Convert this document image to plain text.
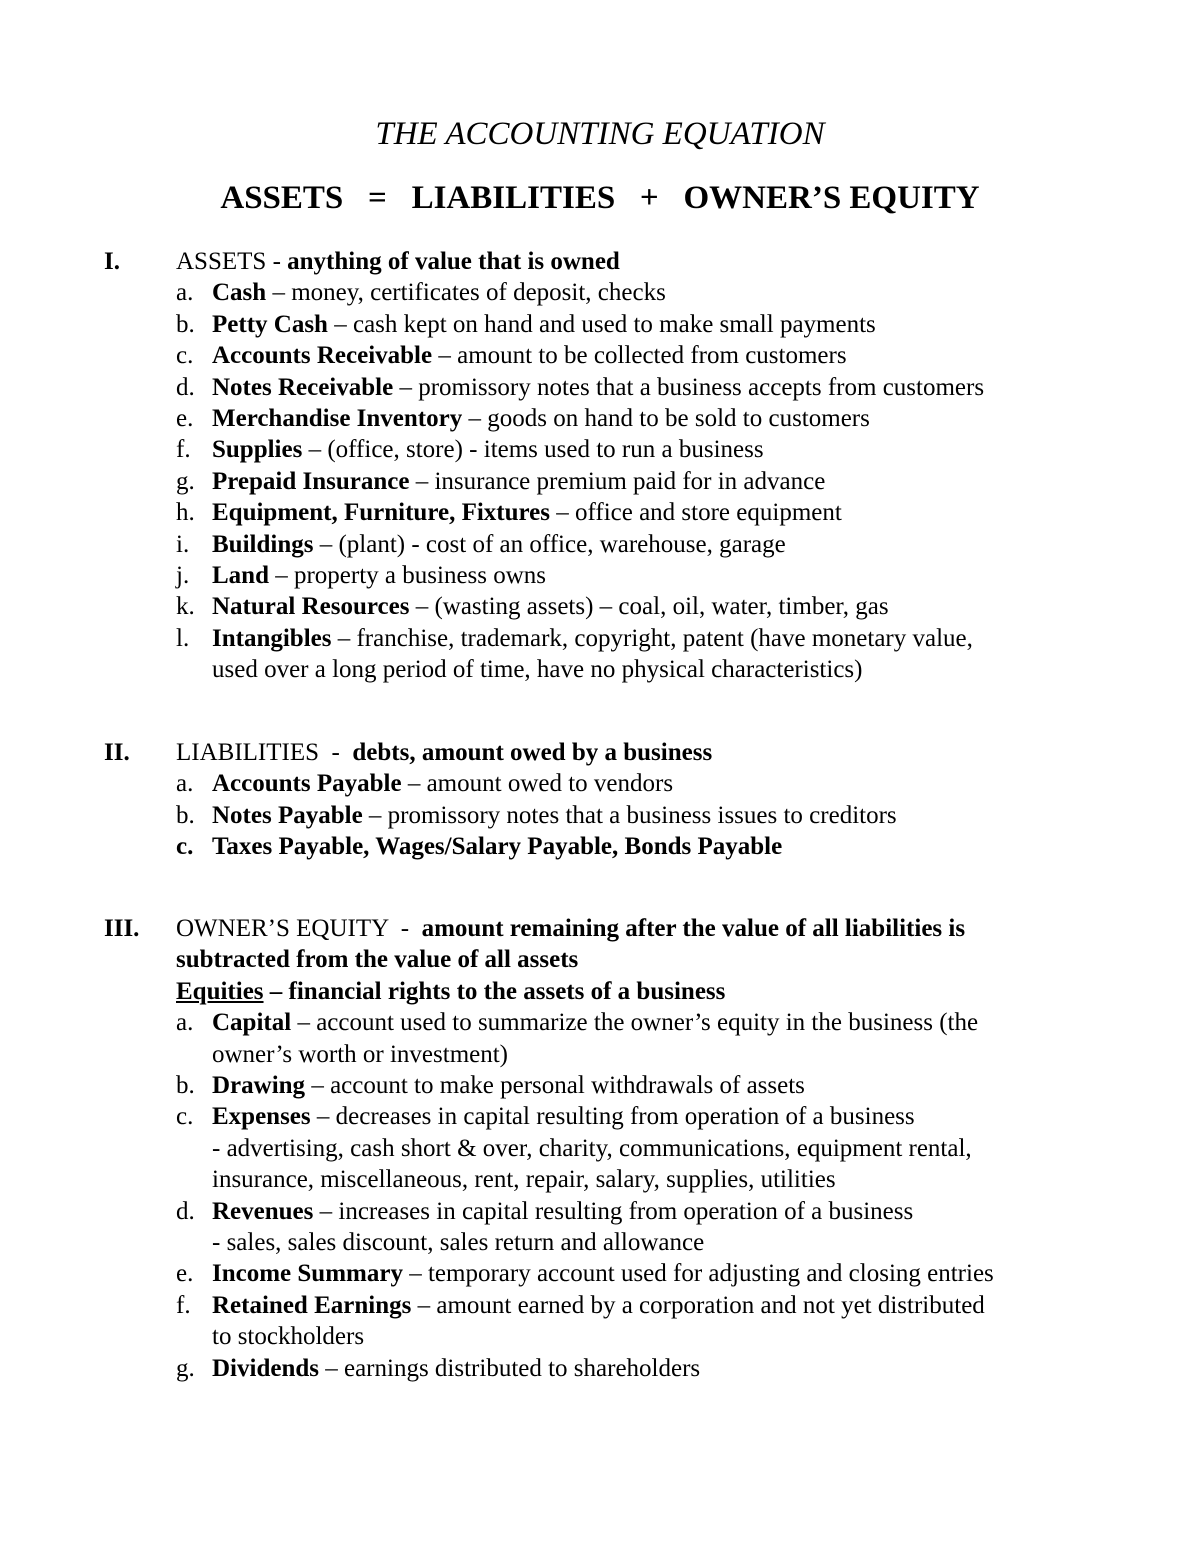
THE ACCOUNTING EQUATION
ASSETS   =   LIABILITIES   +   OWNER’S EQUITY
I. ASSETS - anything of value that is owned
a. Cash – money, certificates of deposit, checks
b. Petty Cash – cash kept on hand and used to make small payments
c. Accounts Receivable – amount to be collected from customers
d. Notes Receivable – promissory notes that a business accepts from customers
e. Merchandise Inventory – goods on hand to be sold to customers
f. Supplies – (office, store) - items used to run a business
g. Prepaid Insurance – insurance premium paid for in advance
h. Equipment, Furniture, Fixtures – office and store equipment
i. Buildings – (plant) - cost of an office, warehouse, garage
j. Land – property a business owns
k. Natural Resources – (wasting assets) – coal, oil, water, timber, gas
l. Intangibles – franchise, trademark, copyright, patent (have monetary value,
used over a long period of time, have no physical characteristics)
II. LIABILITIES  -  debts, amount owed by a business
a. Accounts Payable – amount owed to vendors
b. Notes Payable – promissory notes that a business issues to creditors
c. Taxes Payable, Wages/Salary Payable, Bonds Payable
III. OWNER’S EQUITY  -  amount remaining after the value of all liabilities is
subtracted from the value of all assets
Equities – financial rights to the assets of a business
a. Capital – account used to summarize the owner’s equity in the business (the
owner’s worth or investment)
b. Drawing – account to make personal withdrawals of assets
c. Expenses – decreases in capital resulting from operation of a business
- advertising, cash short & over, charity, communications, equipment rental,
insurance, miscellaneous, rent, repair, salary, supplies, utilities
d. Revenues – increases in capital resulting from operation of a business
- sales, sales discount, sales return and allowance
e. Income Summary – temporary account used for adjusting and closing entries
f. Retained Earnings – amount earned by a corporation and not yet distributed
to stockholders
g. Dividends – earnings distributed to shareholders
